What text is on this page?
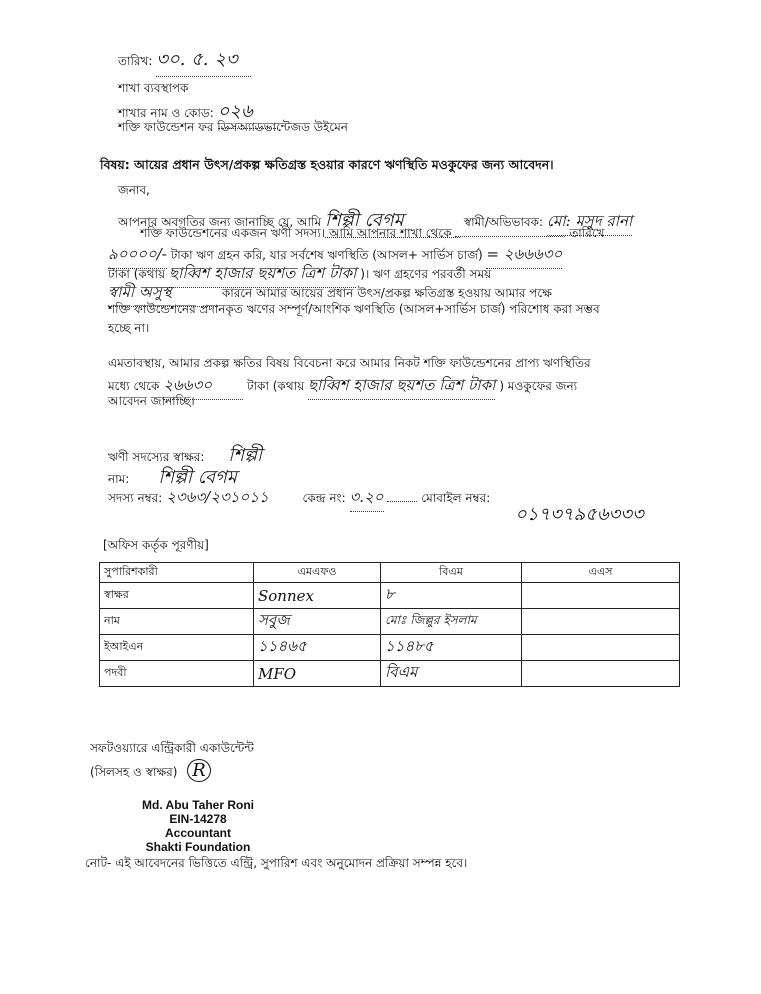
তারিখ: ৩০. ৫. ২৩
শাখা ব্যবস্থাপক
শাখার নাম ও কোড: ০২৬
শক্তি ফাউন্ডেশন ফর ডিসঅ্যাডভান্টেজড উইমেন
বিষয়: আয়ের প্রধান উৎস/প্রকল্প ক্ষতিগ্রস্ত হওয়ার কারণে ঋণস্থিতি মওকুফের জন্য আবেদন।
জনাব,
আপনার অবগতির জন্য জানাচ্ছি যে, আমি শিল্পী বেগম	স্বামী/অভিভাবক: মো: মসুদ রানা
শক্তি ফাউন্ডেশনের একজন ঋণী সদস্য। আমি আপনার শাখা থেকে	তারিখে
৯০০০০/- টাকা ঋণ গ্রহন করি, যার সর্বশেষ ঋণস্থিতি (আসল+ সার্ভিস চার্জ) = ২৬৬৬৩০
টাকা (কথায় ছাব্বিশ হাজার ছয়শত ত্রিশ টাকা )। ঋণ গ্রহণের পরবর্তী সময়
স্বামী অসুস্থ	কারনে আমার আয়ের প্রধান উৎস/প্রকল্প ক্ষতিগ্রস্ত হওয়ায় আমার পক্ষে
শক্তি ফাউন্ডেশনের প্রদানকৃত ঋণের সম্পূর্ণ/আংশিক ঋণস্থিতি (আসল+সার্ভিস চার্জ) পরিশোধ করা সম্ভব
হচ্ছে না।
এমতাবস্থায়, আমার প্রকল্প ক্ষতির বিষয় বিবেচনা করে আমার নিকট শক্তি ফাউন্ডেশনের প্রাপ্য ঋণস্থিতির
মধ্যে থেকে ২৬৬৩০	টাকা (কথায় ছাব্বিশ হাজার ছয়শত ত্রিশ টাকা ) মওকুফের জন্য
আবেদন জানাচ্ছি।
ঋণী সদস্যের স্বাক্ষর: শিল্পী
নাম: শিল্পী বেগম
সদস্য নম্বর: ২৩৬৩/২৩১০১১	কেন্দ্র নং: ৩.২০	মোবাইল নম্বর:
০১৭৩৭৯৫৬৩৩৩
[অফিস কর্তৃক পূরণীয়]
সুপারিশকারী	এমএফও	বিএম	এএস
স্বাক্ষর	Sonnex	৮	
নাম	সবুজ	মোঃ জিল্লুর ইসলাম	
ইআইএন	১১৪৬৫	১১৪৮৫	
পদবী	MFO	বিএম	
সফটওয়্যারে এন্ট্রিকারী একাউন্টেন্ট
(সিলসহ ও স্বাক্ষর) R
Md. Abu Taher Roni
EIN-14278
Accountant
Shakti Foundation
নোট- এই আবেদনের ভিত্তিতে এন্ট্রি, সুপারিশ এবং অনুমোদন প্রক্রিয়া সম্পন্ন হবে।
